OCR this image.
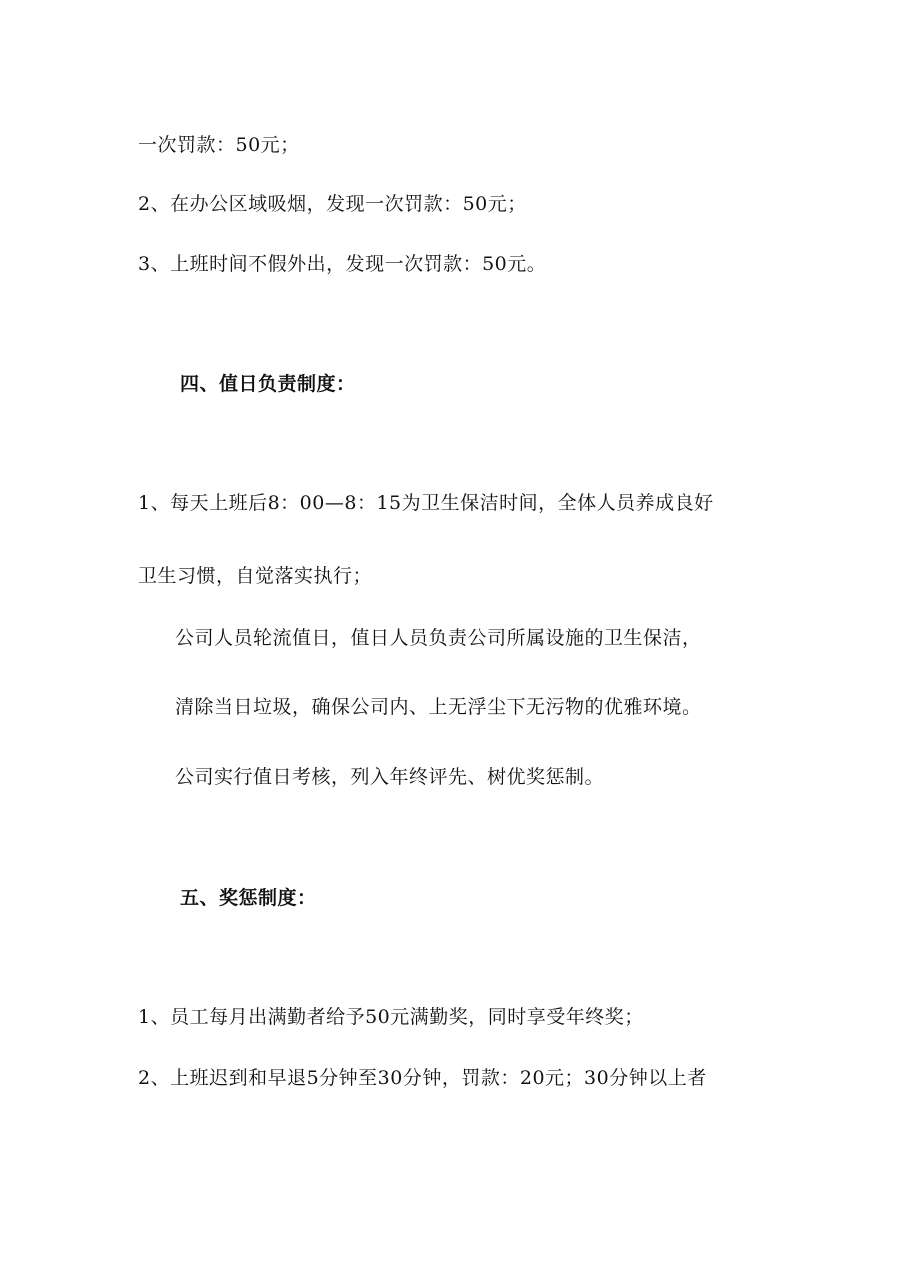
一次罚款：50元；
2、在办公区域吸烟，发现一次罚款：50元；
3、上班时间不假外出，发现一次罚款：50元。
四、值日负责制度：
1、每天上班后8：00—8：15为卫生保洁时间，全体人员养成良好
卫生习惯，自觉落实执行；
公司人员轮流值日，值日人员负责公司所属设施的卫生保洁，
清除当日垃圾，确保公司内、上无浮尘下无污物的优雅环境。
公司实行值日考核，列入年终评先、树优奖惩制。
五、奖惩制度：
1、员工每月出满勤者给予50元满勤奖，同时享受年终奖；
2、上班迟到和早退5分钟至30分钟，罚款：20元；30分钟以上者
